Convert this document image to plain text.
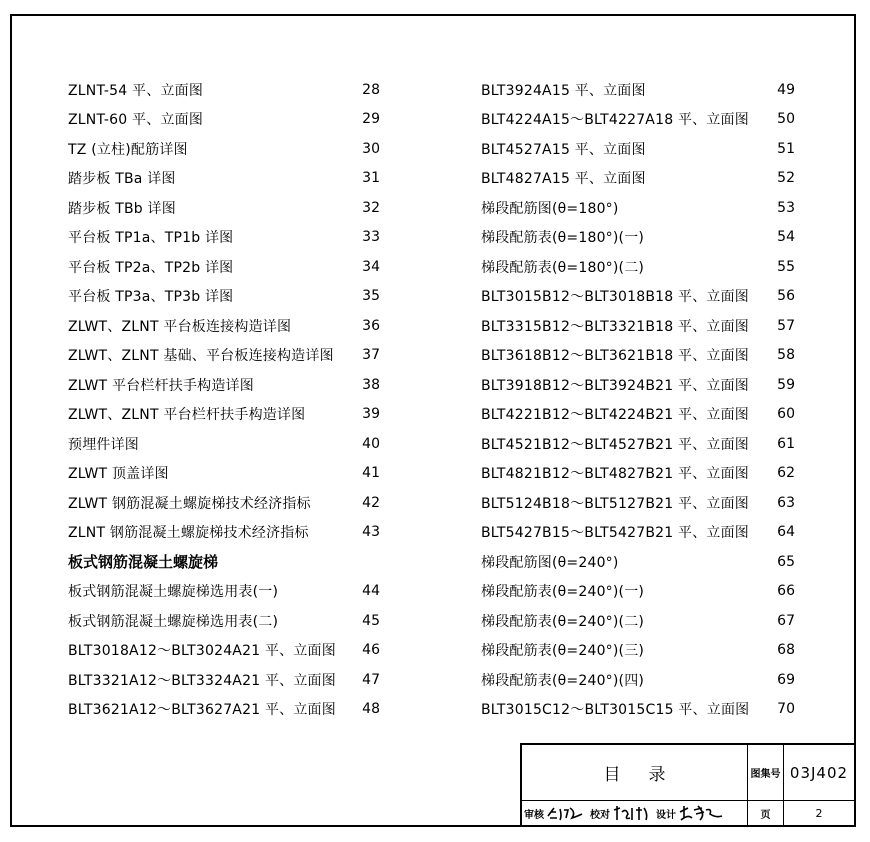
ZLNT-54 平、立面图	28
ZLNT-60 平、立面图	29
TZ (立柱)配筋详图	30
踏步板 TBa 详图	31
踏步板 TBb 详图	32
平台板 TP1a、TP1b 详图	33
平台板 TP2a、TP2b 详图	34
平台板 TP3a、TP3b 详图	35
ZLWT、ZLNT 平台板连接构造详图	36
ZLWT、ZLNT 基础、平台板连接构造详图 37
ZLWT 平台栏杆扶手构造详图	38
ZLWT、ZLNT 平台栏杆扶手构造详图	39
预埋件详图	40
ZLWT 顶盖详图	41
ZLWT 钢筋混凝土螺旋梯技术经济指标	42
ZLNT 钢筋混凝土螺旋梯技术经济指标	43
板式钢筋混凝土螺旋梯
板式钢筋混凝土螺旋梯选用表(一)	44
板式钢筋混凝土螺旋梯选用表(二)	45
BLT3018A12～BLT3024A21 平、立面图 46
BLT3321A12～BLT3324A21 平、立面图 47
BLT3621A12～BLT3627A21 平、立面图 48
BLT3924A15 平、立面图	49
BLT4224A15～BLT4227A18 平、立面图 50
BLT4527A15 平、立面图	51
BLT4827A15 平、立面图	52
梯段配筋图(θ=180°)	53
梯段配筋表(θ=180°)(一)	54
梯段配筋表(θ=180°)(二)	55
BLT3015B12～BLT3018B18 平、立面图 56
BLT3315B12～BLT3321B18 平、立面图 57
BLT3618B12～BLT3621B18 平、立面图 58
BLT3918B12～BLT3924B21 平、立面图 59
BLT4221B12～BLT4224B21 平、立面图 60
BLT4521B12～BLT4527B21 平、立面图 61
BLT4821B12～BLT4827B21 平、立面图 62
BLT5124B18～BLT5127B21 平、立面图 63
BLT5427B15～BLT5427B21 平、立面图 64
梯段配筋图(θ=240°)	65
梯段配筋表(θ=240°)(一)	66
梯段配筋表(θ=240°)(二)	67
梯段配筋表(θ=240°)(三)	68
梯段配筋表(θ=240°)(四)	69
BLT3015C12～BLT3015C15 平、立面图 70
目录	图集号 03J402
审核	校对	设计	页	2
